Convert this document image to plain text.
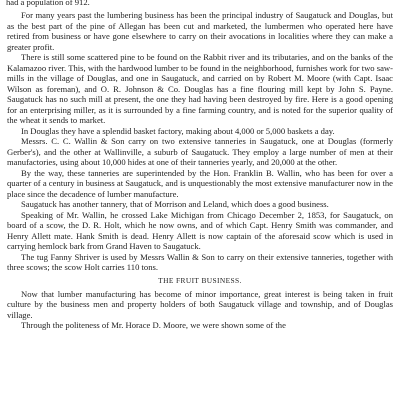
had a population of 912.

For many years past the lumbering business has been the principal industry of Saugatuck and Douglas, but as the best part of the pine of Allegan has been cut and marketed, the lumbermen who operated here have retired from business or have gone elsewhere to carry on their avocations in localities where they can make a greater profit.

There is still some scattered pine to be found on the Rabbit river and its tributaries, and on the banks of the Kalamazoo river. This, with the hardwood lumber to be found in the neighborhood, furnishes work for two saw-mills in the village of Douglas, and one in Saugatuck, and carried on by Robert M. Moore (with Capt. Isaac Wilson as foreman), and O. R. Johnson & Co. Douglas has a fine flouring mill kept by John S. Payne. Saugatuck has no such mill at present, the one they had having been destroyed by fire. Here is a good opening for an enterprising miller, as it is surrounded by a fine farming country, and is noted for the superior quality of the wheat it sends to market.

In Douglas they have a splendid basket factory, making about 4,000 or 5,000 baskets a day.

Messrs. C. C. Wallin & Son carry on two extensive tanneries in Saugatuck, one at Douglas (formerly Gerber's), and the other at Wallinville, a suburb of Saugatuck. They employ a large number of men at their manufactories, using about 10,000 hides at one of their tanneries yearly, and 20,000 at the other.

By the way, these tanneries are superintended by the Hon. Franklin B. Wallin, who has been for over a quarter of a century in business at Saugatuck, and is unquestionably the most extensive manufacturer now in the place since the decadence of lumber manufacture.

Saugatuck has another tannery, that of Morrison and Leland, which does a good business.

Speaking of Mr. Wallin, he crossed Lake Michigan from Chicago December 2, 1853, for Saugatuck, on board of a scow, the D. R. Holt, which he now owns, and of which Capt. Henry Smith was commander, and Henry Allett mate. Hank Smith is dead. Henry Allett is now captain of the aforesaid scow which is used in carrying hemlock bark from Grand Haven to Saugatuck.

The tug Fanny Shriver is used by Messrs Wallin & Son to carry on their extensive tanneries, together with three scows; the scow Holt carries 110 tons.

THE FRUIT BUSINESS.

Now that lumber manufacturing has become of minor importance, great interest is being taken in fruit culture by the business men and property holders of both Saugatuck village and township, and of Douglas village.

Through the politeness of Mr. Horace D. Moore, we were shown some of the
